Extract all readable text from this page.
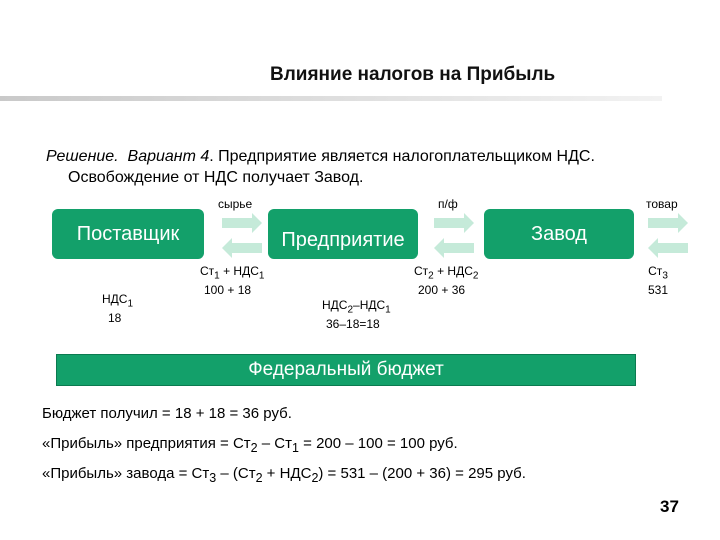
Влияние налогов на Прибыль
Решение. Вариант 4. Предприятие является налогоплательщиком НДС.
Освобождение от НДС получает Завод.
сырье	п/ф	товар
Поставщик	Предприятие	Завод
$НДС_1$
18
$Ст_1 + НДС_1$
100 + 18
$Ст_2 + НДС_2$
200 + 36
$НДС_2-НДС_1$
36–18=18
$Ст_3$
531
Федеральный бюджет
Бюджет получил = 18 + 18 = 36 руб.
«Прибыль» предприятия = $Ст_2 - Ст_1 = 200 - 100 = 100$ руб.
«Прибыль» завода = $Ст_3 - (Ст_2 + НДС_2) = 531 - (200 + 36) = 295$ руб.
37
